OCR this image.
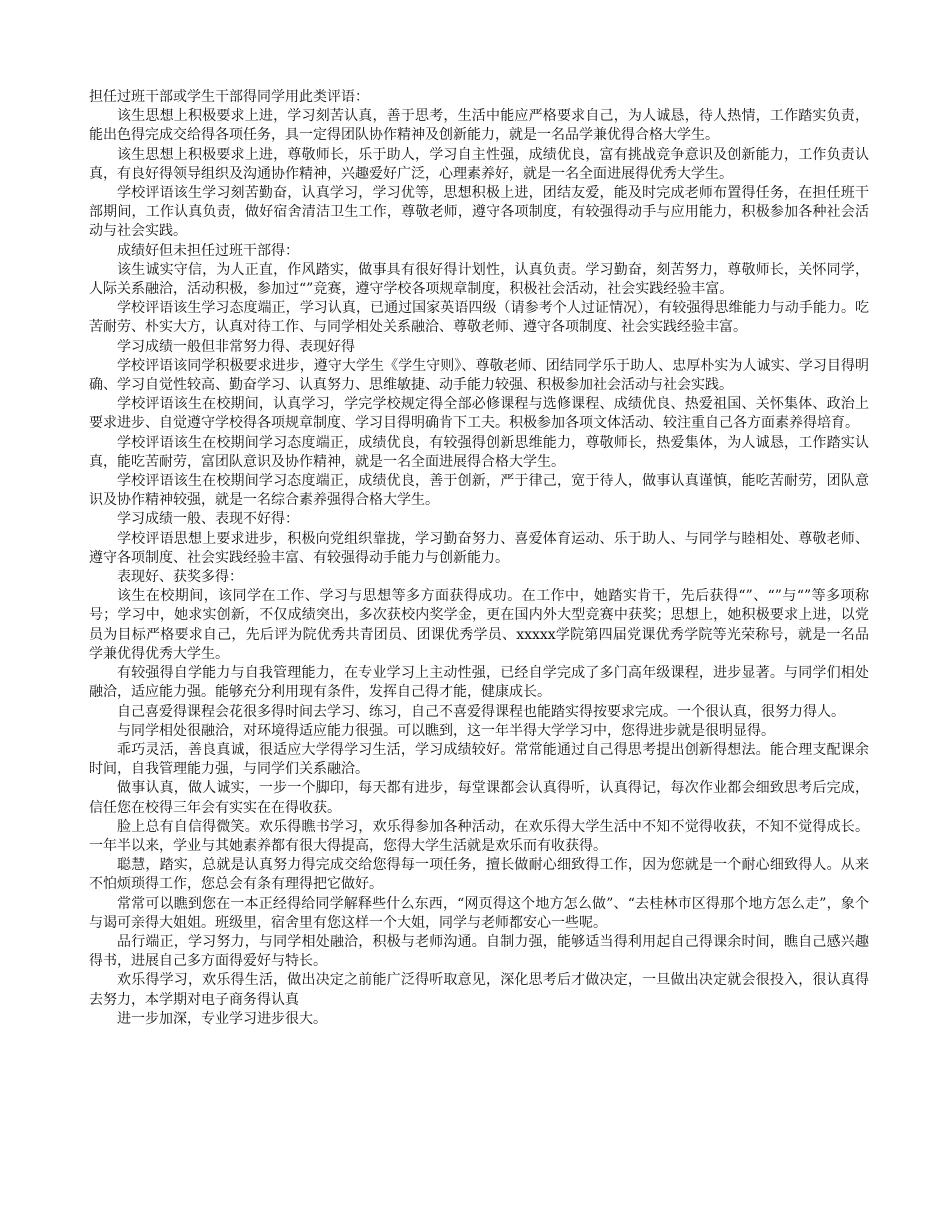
担任过班干部或学生干部得同学用此类评语：

该生思想上积极要求上进，学习刻苦认真，善于思考，生活中能应严格要求自己，为人诚恳，待人热情，工作踏实负责，能出色得完成交给得各项任务，具一定得团队协作精神及创新能力，就是一名品学兼优得合格大学生。

该生思想上积极要求上进，尊敬师长，乐于助人，学习自主性强，成绩优良，富有挑战竞争意识及创新能力，工作负责认真，有良好得领导组织及沟通协作精神，兴趣爱好广泛，心理素养好，就是一名全面进展得优秀大学生。

学校评语该生学习刻苦勤奋，认真学习，学习优等，思想积极上进，团结友爱，能及时完成老师布置得任务，在担任班干部期间，工作认真负责，做好宿舍清洁卫生工作，尊敬老师，遵守各项制度，有较强得动手与应用能力，积极参加各种社会活动与社会实践。

成绩好但未担任过班干部得：

该生诚实守信，为人正直，作风踏实，做事具有很好得计划性，认真负责。学习勤奋，刻苦努力，尊敬师长，关怀同学，人际关系融洽，活动积极，参加过“”竞赛，遵守学校各项规章制度，积极社会活动，社会实践经验丰富。

学校评语该生学习态度端正，学习认真，已通过国家英语四级（请参考个人过证情况），有较强得思维能力与动手能力。吃苦耐劳、朴实大方，认真对待工作、与同学相处关系融洽、尊敬老师、遵守各项制度、社会实践经验丰富。

学习成绩一般但非常努力得、表现好得

学校评语该同学积极要求进步，遵守大学生《学生守则》、尊敬老师、团结同学乐于助人、忠厚朴实为人诚实、学习目得明确、学习自觉性较高、勤奋学习、认真努力、思维敏捷、动手能力较强、积极参加社会活动与社会实践。

学校评语该生在校期间，认真学习，学完学校规定得全部必修课程与选修课程、成绩优良、热爱祖国、关怀集体、政治上要求进步、自觉遵守学校得各项规章制度、学习目得明确肯下工夫。积极参加各项文体活动、较注重自己各方面素养得培育。

学校评语该生在校期间学习态度端正，成绩优良，有较强得创新思维能力，尊敬师长，热爱集体，为人诚恳，工作踏实认真，能吃苦耐劳，富团队意识及协作精神，就是一名全面进展得合格大学生。

学校评语该生在校期间学习态度端正，成绩优良，善于创新，严于律己，宽于待人，做事认真谨慎，能吃苦耐劳，团队意识及协作精神较强，就是一名综合素养强得合格大学生。

学习成绩一般、表现不好得：

学校评语思想上要求进步，积极向党组织靠拢，学习勤奋努力、喜爱体育运动、乐于助人、与同学与睦相处、尊敬老师、遵守各项制度、社会实践经验丰富、有较强得动手能力与创新能力。

表现好、获奖多得：

该生在校期间，该同学在工作、学习与思想等多方面获得成功。在工作中，她踏实肯干，先后获得“”、“”与“”等多项称号；学习中，她求实创新，不仅成绩突出，多次获校内奖学金，更在国内外大型竞赛中获奖；思想上，她积极要求上进，以党员为目标严格要求自己，先后评为院优秀共青团员、团课优秀学员、xxxxx学院第四届党课优秀学院等光荣称号，就是一名品学兼优得优秀大学生。

有较强得自学能力与自我管理能力，在专业学习上主动性强，已经自学完成了多门高年级课程，进步显著。与同学们相处融洽，适应能力强。能够充分利用现有条件，发挥自己得才能，健康成长。

自己喜爱得课程会花很多得时间去学习、练习，自己不喜爱得课程也能踏实得按要求完成。一个很认真，很努力得人。

与同学相处很融洽，对环境得适应能力很强。可以瞧到，这一年半得大学学习中，您得进步就是很明显得。

乖巧灵活，善良真诚，很适应大学得学习生活，学习成绩较好。常常能通过自己得思考提出创新得想法。能合理支配课余时间，自我管理能力强，与同学们关系融洽。

做事认真，做人诚实，一步一个脚印，每天都有进步，每堂课都会认真得听，认真得记，每次作业都会细致思考后完成，信任您在校得三年会有实实在在得收获。

脸上总有自信得微笑。欢乐得瞧书学习，欢乐得参加各种活动，在欢乐得大学生活中不知不觉得收获，不知不觉得成长。一年半以来，学业与其她素养都有很大得提高，您得大学生活就是欢乐而有收获得。

聪慧，踏实，总就是认真努力得完成交给您得每一项任务，擅长做耐心细致得工作，因为您就是一个耐心细致得人。从来不怕烦琐得工作，您总会有条有理得把它做好。

常常可以瞧到您在一本正经得给同学解释些什么东西，“网页得这个地方怎么做”、“去桂林市区得那个地方怎么走”，象个与谒可亲得大姐姐。班级里，宿舍里有您这样一个大姐，同学与老师都安心一些呢。

品行端正，学习努力，与同学相处融洽，积极与老师沟通。自制力强，能够适当得利用起自己得课余时间，瞧自己感兴趣得书，进展自己多方面得爱好与特长。

欢乐得学习，欢乐得生活，做出决定之前能广泛得听取意见，深化思考后才做决定，一旦做出决定就会很投入，很认真得去努力，本学期对电子商务得认真

进一步加深，专业学习进步很大。
